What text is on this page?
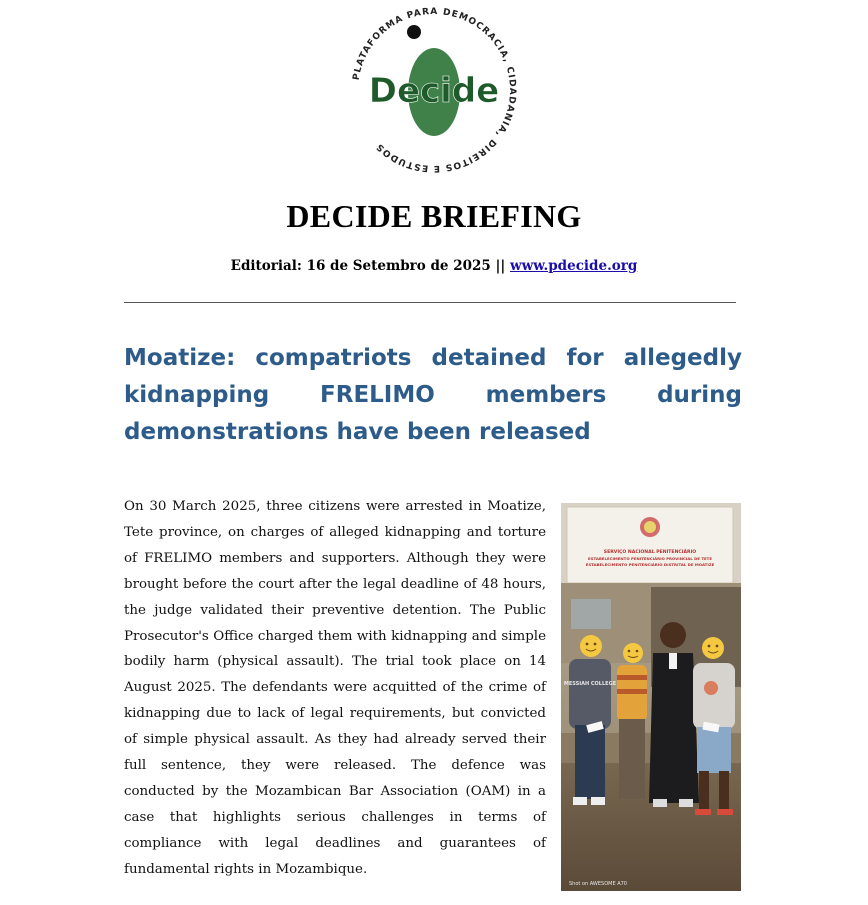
Decide
PLATAFORMA PARA DEMOCRACIA, CIDADANIA, DIREITOS E ESTUDOS
DECIDE BRIEFING
Editorial: 16 de Setembro de 2025 || www.pdecide.org
Moatize: compatriots detained for allegedly kidnapping FRELIMO members during demonstrations have been released

On 30 March 2025, three citizens were arrested in Moatize, Tete province, on charges of alleged kidnapping and torture of FRELIMO members and supporters. Although they were brought before the court after the legal deadline of 48 hours, the judge validated their preventive detention. The Public Prosecutor's Office charged them with kidnapping and simple bodily harm (physical assault). The trial took place on 14 August 2025. The defendants were acquitted of the crime of kidnapping due to lack of legal requirements, but convicted of simple physical assault. As they had already served their full sentence, they were released. The defence was conducted by the Mozambican Bar Association (OAM) in a case that highlights serious challenges in terms of compliance with legal deadlines and guarantees of fundamental rights in Mozambique.

SERVIÇO NACIONAL PENITENCIÁRIO
ESTABELECIMENTO PENITENCIÁRIO PROVINCIAL DE TETE
ESTABELECIMENTO PENITENCIÁRIO DISTRITAL DE MOATIZE
MESSIAH COLLEGE
Shot on AWESOME A70
